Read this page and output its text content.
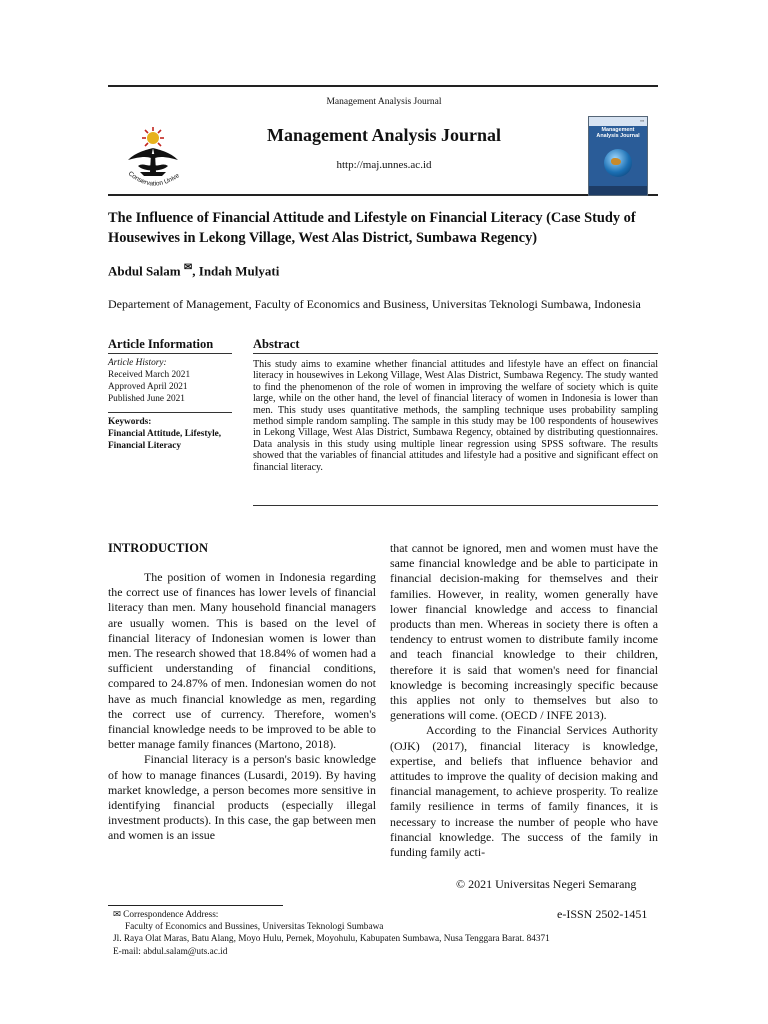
Management Analysis Journal
Conservation Unive
Management Analysis Journal
http://maj.unnes.ac.id
▪▪▪
Management Analysis Journal
The Influence of Financial Attitude and Lifestyle on Financial Literacy (Case Study of Housewives in Lekong Village, West Alas District, Sumbawa Regency)
Abdul Salam ✉, Indah Mulyati
Departement of Management, Faculty of Economics and Business, Universitas Teknologi Sumbawa, Indonesia
Article Information
Article History:
Received March 2021
Approved April 2021
Published June 2021
Keywords:
Financial Attitude, Lifestyle, Financial Literacy
Abstract
This study aims to examine whether financial attitudes and lifestyle have an effect on financial literacy in housewives in Lekong Village, West Alas District, Sumbawa Regency. The study wanted to find the phenomenon of the role of women in improving the welfare of society which is quite large, while on the other hand, the level of financial literacy of women in Indonesia is lower than men. This study uses quantitative methods, the sampling technique uses probability sampling method simple random sampling. The sample in this study may be 100 respondents of housewives in Lekong Village, West Alas District, Sumbawa Regency, obtained by distributing questionnaires. Data analysis in this study using multiple linear regression using SPSS software. The results showed that the variables of financial attitudes and lifestyle had a positive and significant effect on financial literacy.
INTRODUCTION

The position of women in Indonesia regarding the correct use of finances has lower levels of financial literacy than men. Many household financial managers are usually women. This is based on the level of financial literacy of Indonesian women is lower than men. The research showed that 18.84% of women had a sufficient understanding of financial conditions, compared to 24.87% of men. Indonesian women do not have as much financial knowledge as men, regarding the correct use of currency. Therefore, women's financial knowledge needs to be improved to be able to better manage family finances (Martono, 2018).

Financial literacy is a person's basic knowledge of how to manage finances (Lusardi, 2019). By having market knowledge, a person becomes more sensitive in identifying financial products (especially illegal investment products). In this case, the gap between men and women is an issue

that cannot be ignored, men and women must have the same financial knowledge and be able to participate in financial decision-making for themselves and their families. However, in reality, women generally have lower financial knowledge and access to financial products than men. Whereas in society there is often a tendency to entrust women to distribute family income and teach financial knowledge to their children, therefore it is said that women's need for financial knowledge is becoming increasingly specific because this applies not only to themselves but also to generations will come. (OECD / INFE 2013).

According to the Financial Services Authority (OJK) (2017), financial literacy is knowledge, expertise, and beliefs that influence behavior and attitudes to improve the quality of decision making and financial management, to achieve prosperity. To realize family resilience in terms of family finances, it is necessary to increase the number of people who have financial knowledge. The success of the family in funding family acti-

© 2021 Universitas Negeri Semarang
✉ Correspondence Address:
Faculty of Economics and Bussines, Universitas Teknologi Sumbawa
Jl. Raya Olat Maras, Batu Alang, Moyo Hulu, Pernek, Moyohulu, Kabupaten Sumbawa, Nusa Tenggara Barat. 84371
E-mail: abdul.salam@uts.ac.id
e-ISSN 2502-1451
